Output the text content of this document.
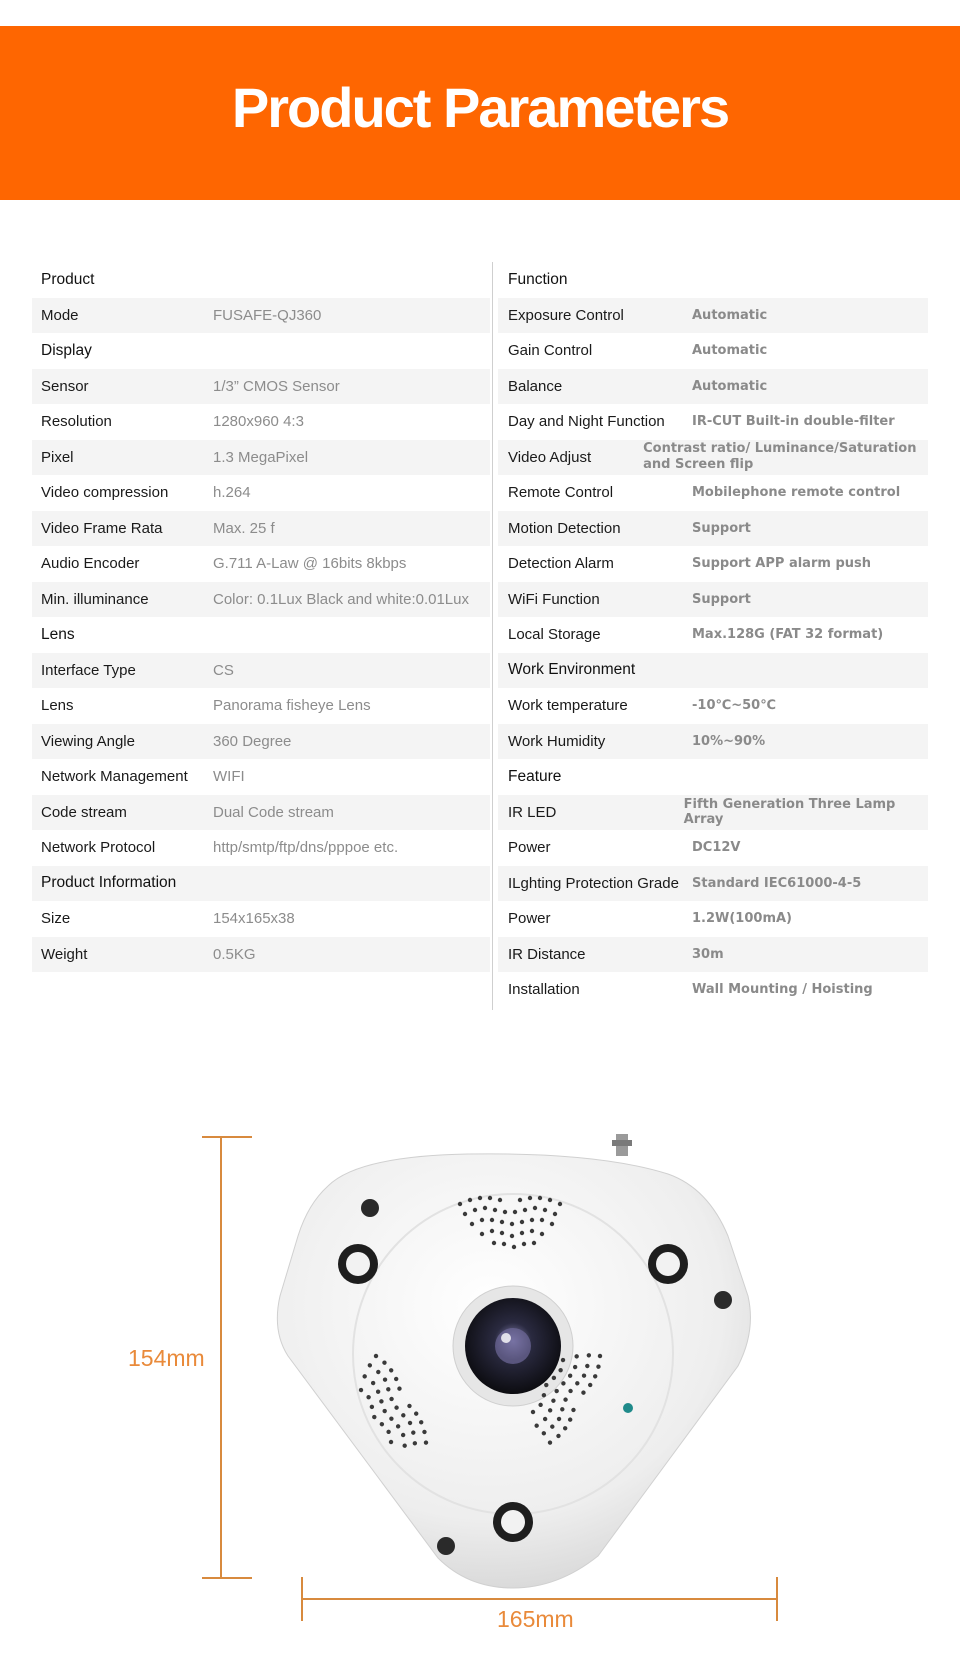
Product Parameters
Product
Mode	FUSAFE-QJ360
Display
Sensor	1/3” CMOS Sensor
Resolution	1280x960 4:3
Pixel	1.3 MegaPixel
Video compression	h.264
Video Frame Rata	Max. 25 f
Audio Encoder	G.711 A-Law @ 16bits 8kbps
Min. illuminance	Color: 0.1Lux Black and white:0.01Lux
Lens
Interface Type	CS
Lens	Panorama fisheye Lens
Viewing Angle	360 Degree
Network Management	WIFI
Code stream	Dual Code stream
Network Protocol	http/smtp/ftp/dns/pppoe etc.
Product Information
Size	154x165x38
Weight	0.5KG
Function
Exposure Control	Automatic
Gain Control	Automatic
Balance	Automatic
Day and Night Function	IR-CUT Built-in double-filter
Video Adjust	Contrast ratio/ Luminance/Saturation and Screen flip
Remote Control	Mobilephone remote control
Motion Detection	Support
Detection Alarm	Support APP alarm push
WiFi Function	Support
Local Storage	Max.128G (FAT 32 format)
Work Environment
Work temperature	-10℃~50℃
Work Humidity	10%~90%
Feature
IR LED	Fifth Generation Three Lamp Array
Power	DC12V
ILghting Protection Grade	Standard IEC61000-4-5
Power	1.2W(100mA)
IR Distance	30m
Installation	Wall Mounting / Hoisting
154mm
165mm
